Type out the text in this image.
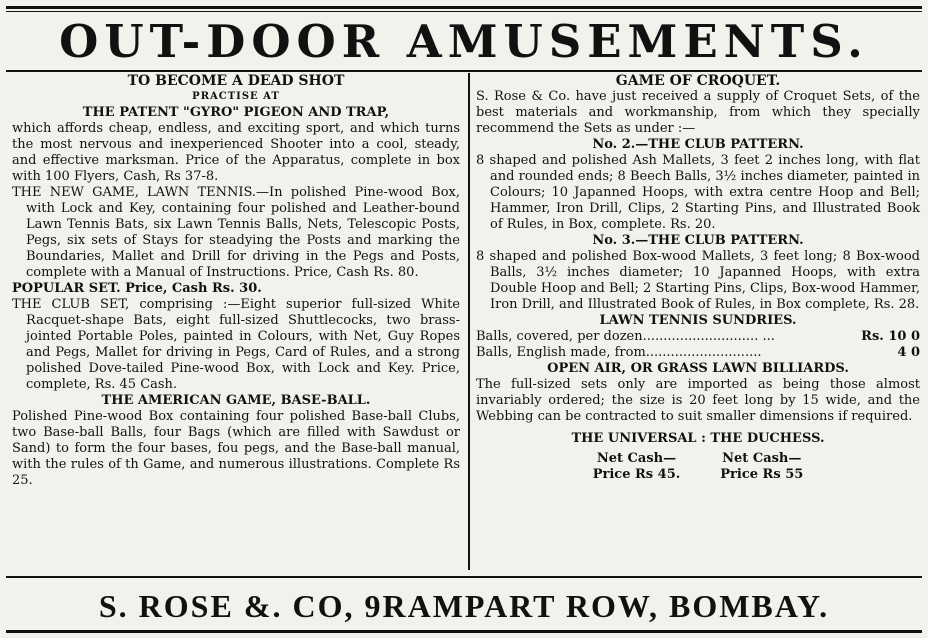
OUT-DOOR AMUSEMENTS.
TO BECOME A DEAD SHOT
PRACTISE AT
THE PATENT "GYRO" PIGEON AND TRAP,

which affords cheap, endless, and exciting sport, and which turns the most nervous and inexperienced Shooter into a cool, steady, and effective marksman. Price of the Apparatus, complete in box with 100 Flyers, Cash, Rs 37-8.

THE NEW GAME, LAWN TENNIS.—In polished Pine-wood Box, with Lock and Key, containing four polished and Leather-bound Lawn Tennis Bats, six Lawn Tennis Balls, Nets, Telescopic Posts, Pegs, six sets of Stays for steadying the Posts and marking the Boundaries, Mallet and Drill for driving in the Pegs and Posts, complete with a Manual of Instructions. Price, Cash Rs. 80.

POPULAR SET. Price, Cash Rs. 30.

THE CLUB SET, comprising :—Eight superior full-sized White Racquet-shape Bats, eight full-sized Shuttlecocks, two brass-jointed Portable Poles, painted in Colours, with Net, Guy Ropes and Pegs, Mallet for driving in Pegs, Card of Rules, and a strong polished Dove-tailed Pine-wood Box, with Lock and Key. Price, complete, Rs. 45 Cash.

THE AMERICAN GAME, BASE-BALL.

Polished Pine-wood Box containing four polished Base-ball Clubs, two Base-ball Balls, four Bags (which are filled with Sawdust or Sand) to form the four bases, fou pegs, and the Base-ball manual, with the rules of th Game, and numerous illustrations. Complete Rs 25.

GAME OF CROQUET.

S. Rose & Co. have just received a supply of Croquet Sets, of the best materials and workmanship, from which they specially recommend the Sets as under :—

No. 2.—THE CLUB PATTERN.

8 shaped and polished Ash Mallets, 3 feet 2 inches long, with flat and rounded ends; 8 Beech Balls, 3½ inches diameter, painted in Colours; 10 Japanned Hoops, with extra centre Hoop and Bell; Hammer, Iron Drill, Clips, 2 Starting Pins, and Illustrated Book of Rules, in Box, complete. Rs. 20.

No. 3.—THE CLUB PATTERN.

8 shaped and polished Box-wood Mallets, 3 feet long; 8 Box-wood Balls, 3½ inches diameter; 10 Japanned Hoops, with extra Double Hoop and Bell; 2 Starting Pins, Clips, Box-wood Hammer, Iron Drill, and Illustrated Book of Rules, in Box complete, Rs. 28.

LAWN TENNIS SUNDRIES.
Balls, covered, per dozen............................ ...	Rs. 10 0
Balls, English made, from............................	4 0
OPEN AIR, OR GRASS LAWN BILLIARDS.

The full-sized sets only are imported as being those almost invariably ordered; the size is 20 feet long by 15 wide, and the Webbing can be contracted to suit smaller dimensions if required.

THE UNIVERSAL : THE DUCHESS.
Net Cash—
Price Rs 45.
Net Cash—
Price Rs 55
S. ROSE &. CO, 9RAMPART ROW, BOMBAY.
